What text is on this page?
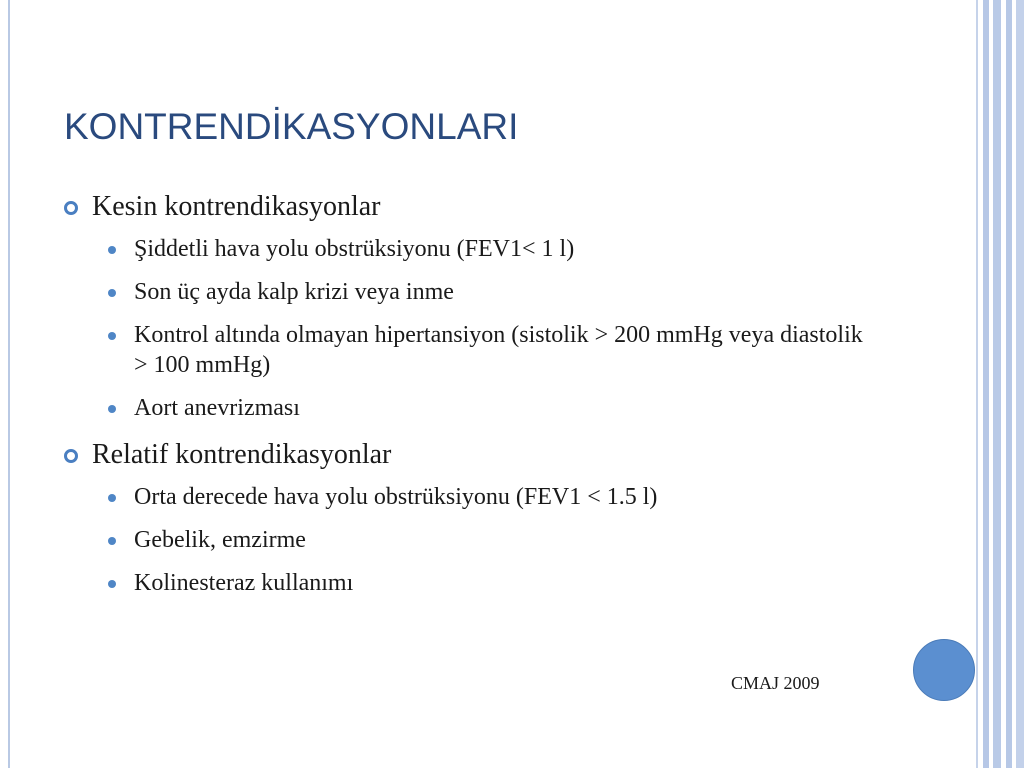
KONTRENDİKASYONLARI
Kesin kontrendikasyonlar
Şiddetli hava yolu obstrüksiyonu (FEV1< 1 l)
Son üç ayda kalp krizi veya inme
Kontrol altında olmayan hipertansiyon (sistolik > 200 mmHg veya diastolik > 100 mmHg)
Aort anevrizması
Relatif kontrendikasyonlar
Orta derecede hava yolu obstrüksiyonu (FEV1 < 1.5 l)
Gebelik, emzirme
Kolinesteraz kullanımı
CMAJ 2009
